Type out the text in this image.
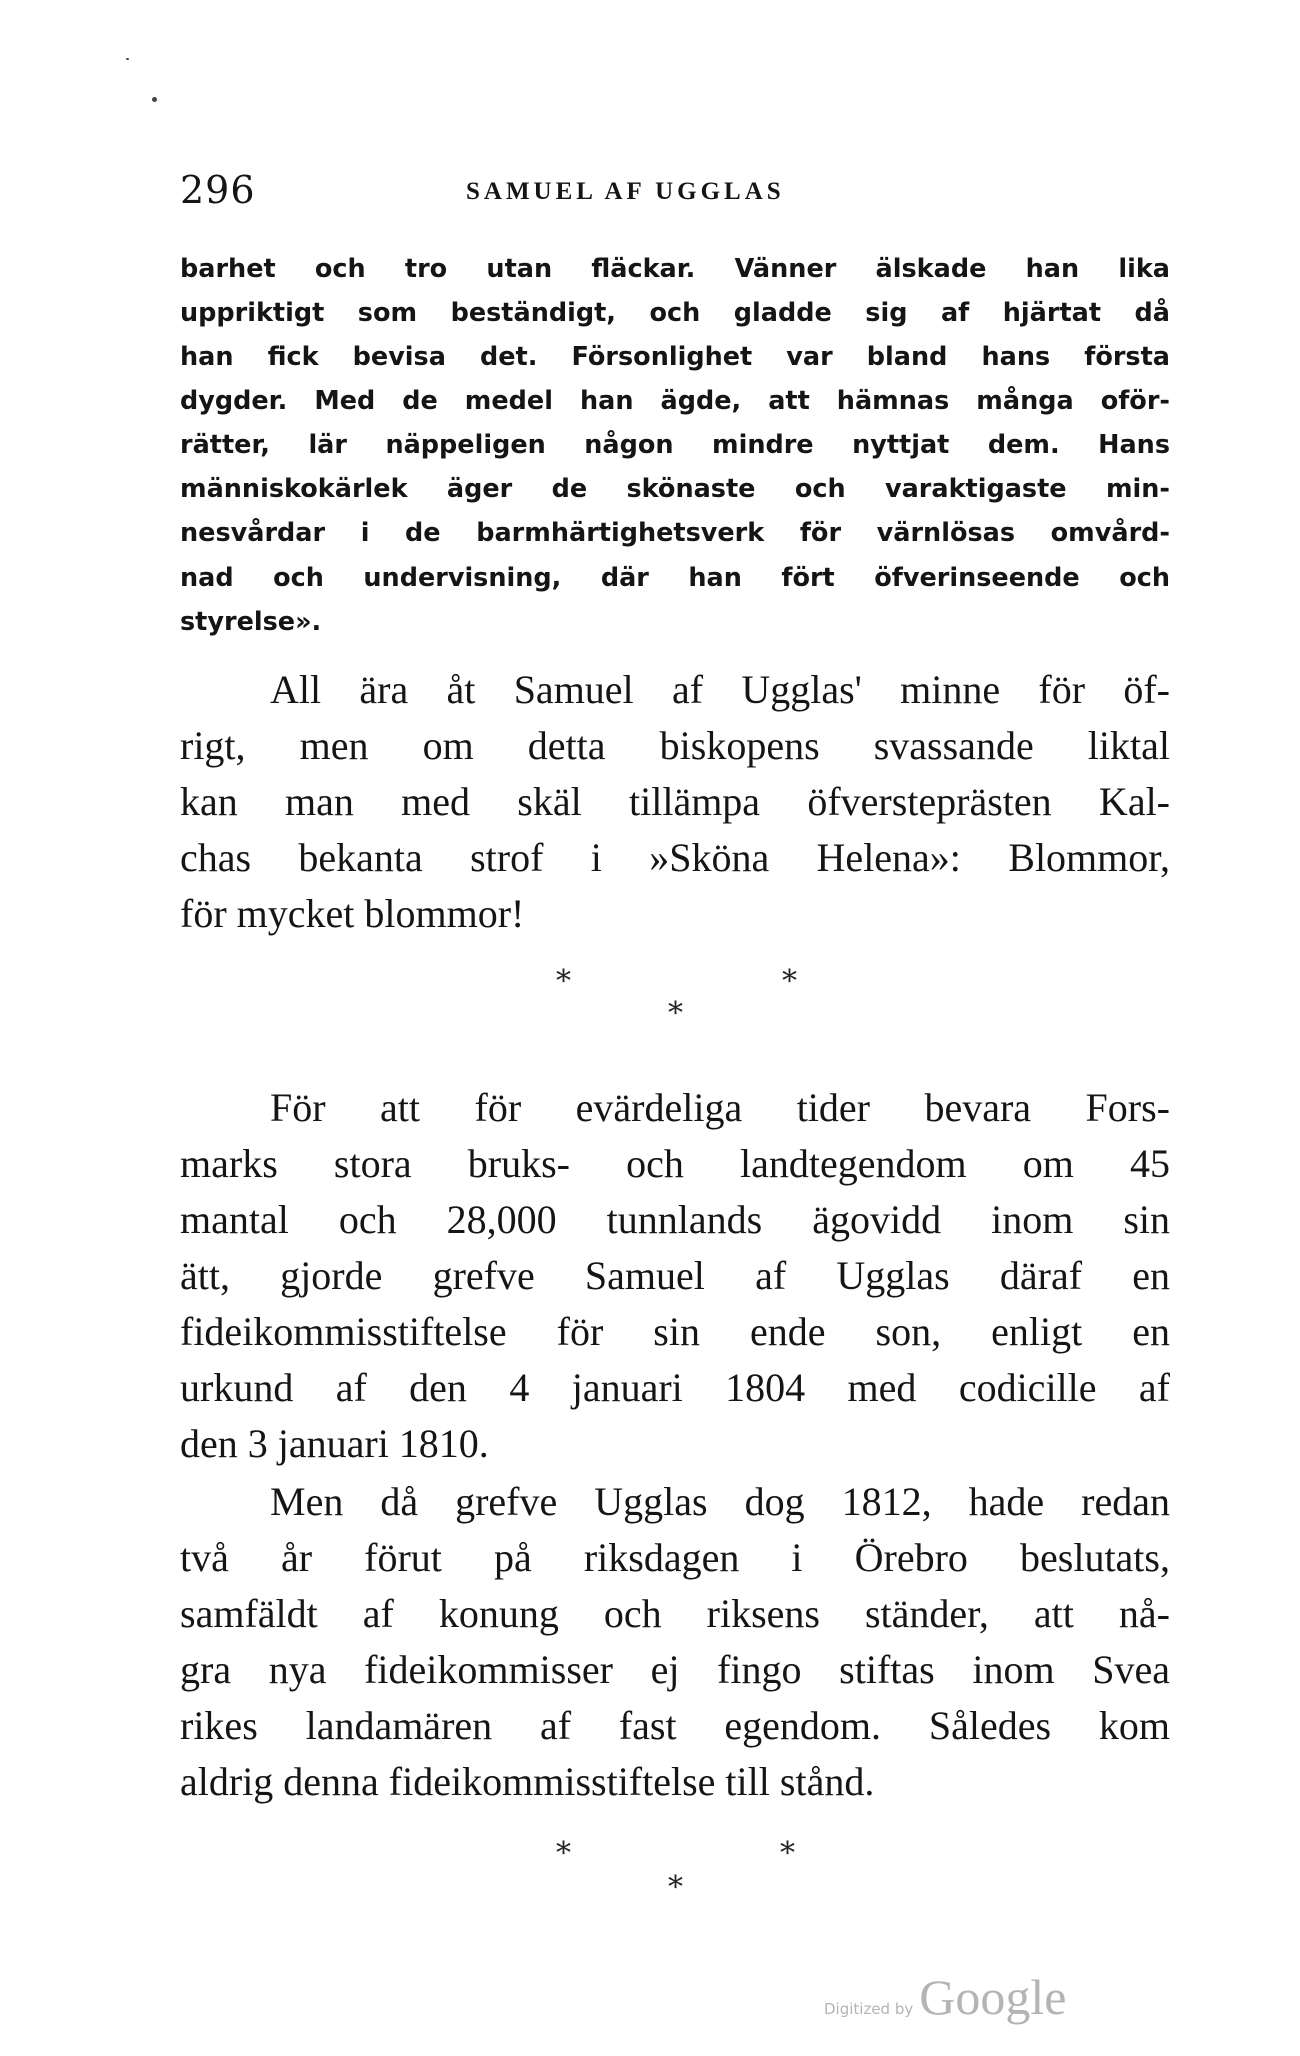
296	SAMUEL AF UGGLAS
barhet och tro utan fläckar. Vänner älskade han lika
uppriktigt som beständigt, och gladde sig af hjärtat då
han fick bevisa det. Försonlighet var bland hans första
dygder. Med de medel han ägde, att hämnas många oför-
rätter, lär näppeligen någon mindre nyttjat dem. Hans
människokärlek äger de skönaste och varaktigaste min-
nesvårdar i de barmhärtighetsverk för värnlösas omvård-
nad och undervisning, där han fört öfverinseende och
styrelse».
All ära åt Samuel af Ugglas' minne för öf-
rigt, men om detta biskopens svassande liktal
kan man med skäl tillämpa öfversteprästen Kal-
chas bekanta strof i »Sköna Helena»: Blommor,
för mycket blommor!
*	*
*
För att för evärdeliga tider bevara Fors-
marks stora bruks- och landtegendom om 45
mantal och 28,000 tunnlands ägovidd inom sin
ätt, gjorde grefve Samuel af Ugglas däraf en
fideikommisstiftelse för sin ende son, enligt en
urkund af den 4 januari 1804 med codicille af
den 3 januari 1810.
Men då grefve Ugglas dog 1812, hade redan
två år förut på riksdagen i Örebro beslutats,
samfäldt af konung och riksens ständer, att nå-
gra nya fideikommisser ej fingo stiftas inom Svea
rikes landamären af fast egendom. Således kom
aldrig denna fideikommisstiftelse till stånd.
*	*
*
Digitized by Google
